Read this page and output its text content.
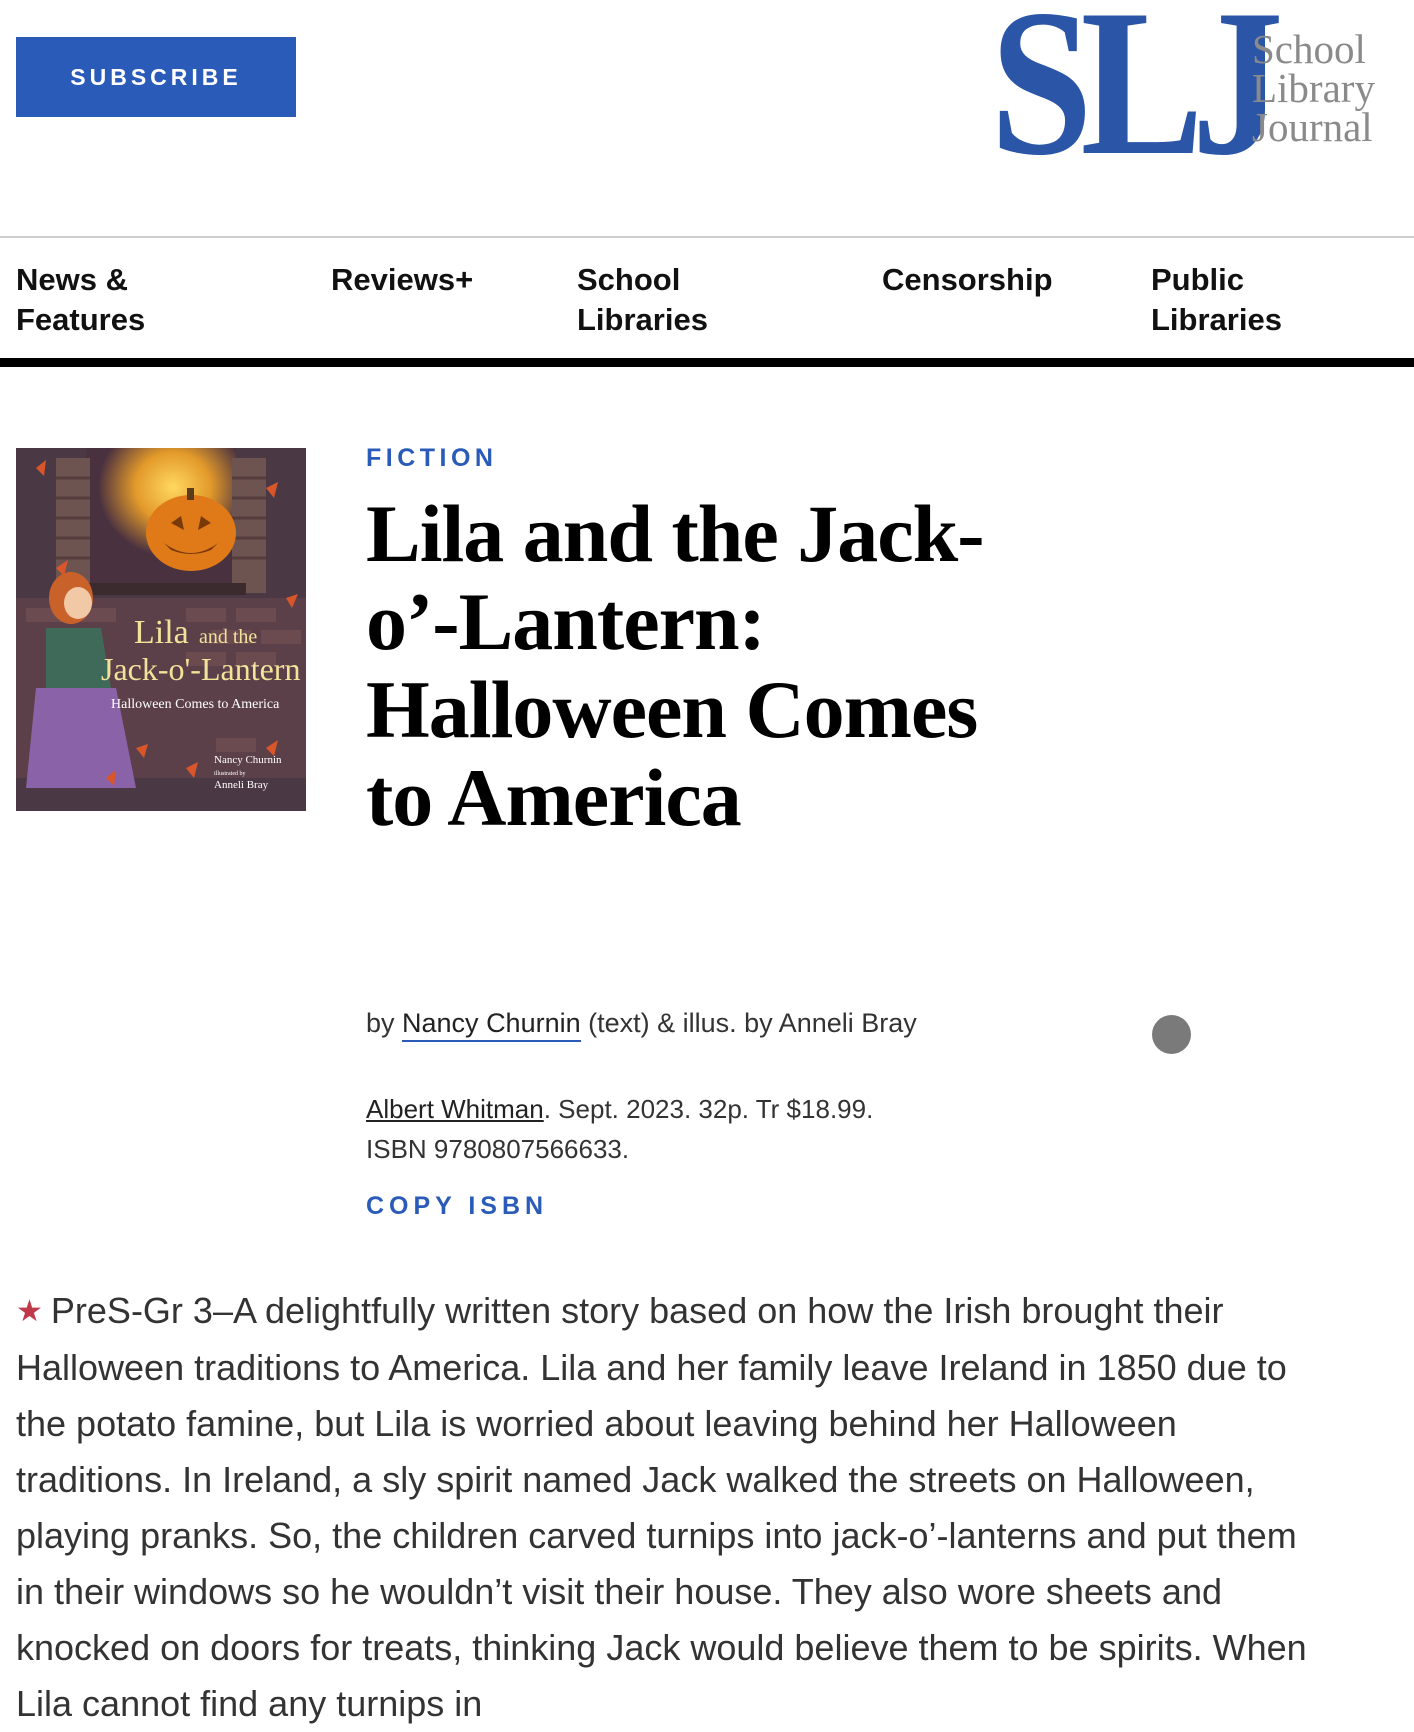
SUBSCRIBE	SLJ
School
Library
Journal
News &
Features
Reviews+	School
Libraries
Censorship	Public
Libraries
Lila and the
Jack-o'-Lantern
Halloween Comes to America
Nancy Churnin
illustrated by
Anneli Bray
FICTION
Lila and the Jack-o’-Lantern: Halloween Comes to America
by Nancy Churnin (text) & illus. by Anneli Bray
Albert Whitman. Sept. 2023. 32p. Tr $18.99.
ISBN 9780807566633.
COPY ISBN

★ PreS-Gr 3–A delightfully written story based on how the Irish brought their Halloween traditions to America. Lila and her family leave Ireland in 1850 due to the potato famine, but Lila is worried about leaving behind her Halloween traditions. In Ireland, a sly spirit named Jack walked the streets on Halloween, playing pranks. So, the children carved turnips into jack-o’-lanterns and put them in their windows so he wouldn’t visit their house. They also wore sheets and knocked on doors for treats, thinking Jack would believe them to be spirits. When Lila cannot find any turnips in
